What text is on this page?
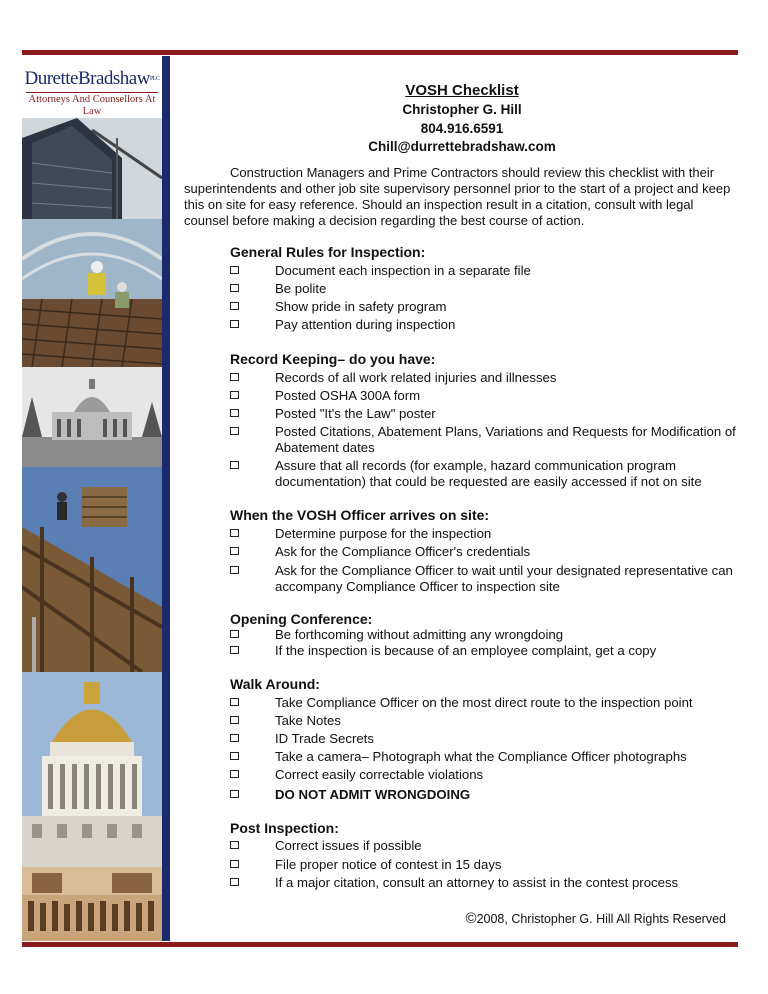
DuretteBradshaw$^{PLC}$
Attorneys And Counsellors At Law
VOSH Checklist
Christopher G. Hill
804.916.6591
Chill@durrettebradshaw.com

Construction Managers and Prime Contractors should review this checklist with their superintendents and other job site supervisory personnel prior to the start of a project and keep this on site for easy reference. Should an inspection result in a citation, consult with legal counsel before making a decision regarding the best course of action.

General Rules for Inspection:
Document each inspection in a separate file
Be polite
Show pride in safety program
Pay attention during inspection
Record Keeping– do you have:
Records of all work related injuries and illnesses
Posted OSHA 300A form
Posted "It's the Law" poster
Posted Citations, Abatement Plans, Variations and Requests for Modification of Abatement dates
Assure that all records (for example, hazard communication program documentation) that could be requested are easily accessed if not on site
When the VOSH Officer arrives on site:
Determine purpose for the inspection
Ask for the Compliance Officer's credentials
Ask for the Compliance Officer to wait until your designated representative can accompany Compliance Officer to inspection site
Opening Conference:
Be forthcoming without admitting any wrongdoing
If the inspection is because of an employee complaint, get a copy
Walk Around:
Take Compliance Officer on the most direct route to the inspection point
Take Notes
ID Trade Secrets
Take a camera– Photograph what the Compliance Officer photographs
Correct easily correctable violations
DO NOT ADMIT WRONGDOING
Post Inspection:
Correct issues if possible
File proper notice of contest in 15 days
If a major citation, consult an attorney to assist in the contest process
©2008, Christopher G. Hill All Rights Reserved
